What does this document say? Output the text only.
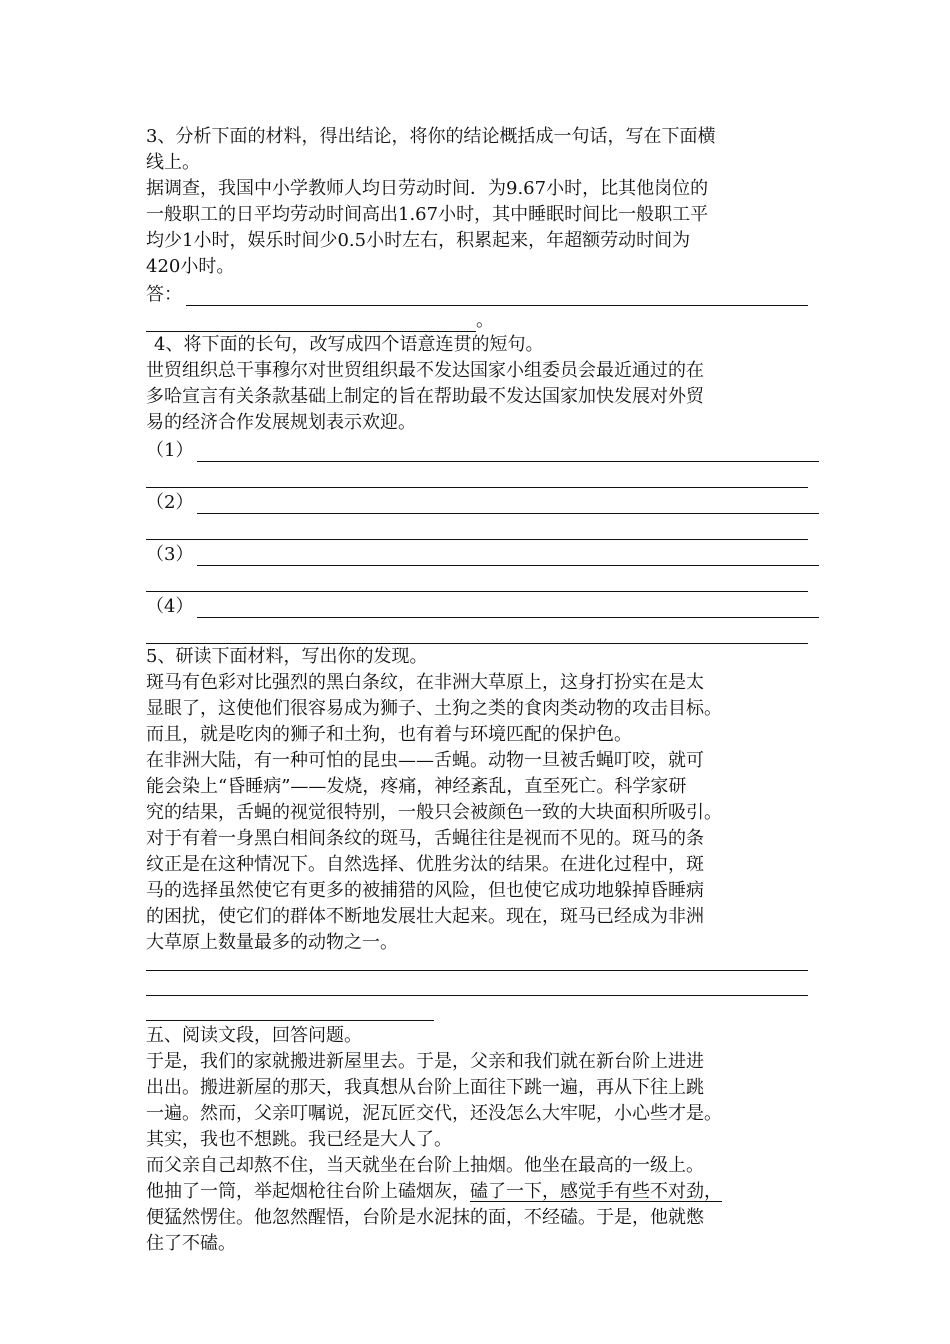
3、分析下面的材料，得出结论，将你的结论概括成一句话，写在下面横

线上。

据调查，我国中小学教师人均日劳动时间．为9.67小时，比其他岗位的

一般职工的日平均劳动时间高出1.67小时，其中睡眠时间比一般职工平

均少1小时，娱乐时间少0.5小时左右，积累起来，年超额劳动时间为

420小时。

答：
。

4、将下面的长句，改写成四个语意连贯的短句。

世贸组织总干事穆尔对世贸组织最不发达国家小组委员会最近通过的在

多哈宣言有关条款基础上制定的旨在帮助最不发达国家加快发展对外贸

易的经济合作发展规划表示欢迎。

（1）
（2）
（3）
（4）

5、研读下面材料，写出你的发现。

斑马有色彩对比强烈的黑白条纹，在非洲大草原上，这身打扮实在是太

显眼了，这使他们很容易成为狮子、土狗之类的食肉类动物的攻击目标。

而且，就是吃肉的狮子和土狗，也有着与环境匹配的保护色。

在非洲大陆，有一种可怕的昆虫——舌蝇。动物一旦被舌蝇叮咬，就可

能会染上“昏睡病”——发烧，疼痛，神经紊乱，直至死亡。科学家研

究的结果，舌蝇的视觉很特别，一般只会被颜色一致的大块面积所吸引。

对于有着一身黑白相间条纹的斑马，舌蝇往往是视而不见的。斑马的条

纹正是在这种情况下。自然选择、优胜劣汰的结果。在进化过程中，斑

马的选择虽然使它有更多的被捕猎的风险，但也使它成功地躲掉昏睡病

的困扰，使它们的群体不断地发展壮大起来。现在，斑马已经成为非洲

大草原上数量最多的动物之一。

五、阅读文段，回答问题。

于是，我们的家就搬进新屋里去。于是，父亲和我们就在新台阶上进进

出出。搬进新屋的那天，我真想从台阶上面往下跳一遍，再从下往上跳

一遍。然而，父亲叮嘱说，泥瓦匠交代，还没怎么大牢呢，小心些才是。

其实，我也不想跳。我已经是大人了。

而父亲自己却熬不住，当天就坐在台阶上抽烟。他坐在最高的一级上。

他抽了一筒，举起烟枪往台阶上磕烟灰，磕了一下，感觉手有些不对劲，

便猛然愣住。他忽然醒悟，台阶是水泥抹的面，不经磕。于是，他就憋

住了不磕。
